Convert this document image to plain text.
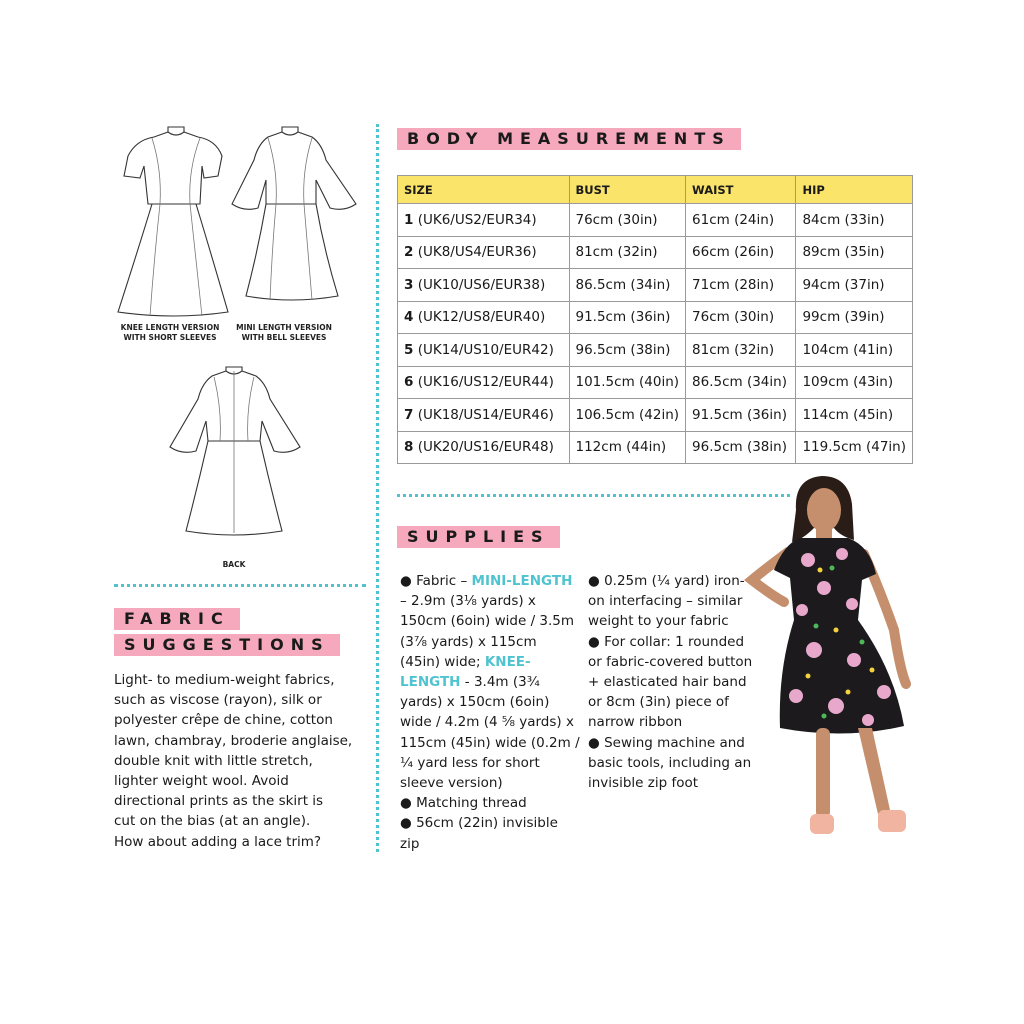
KNEE LENGTH VERSION
WITH SHORT SLEEVES
MINI LENGTH VERSION
WITH BELL SLEEVES
BACK
FABRIC
SUGGESTIONS
Light- to medium-weight fabrics,
such as viscose (rayon), silk or
polyester crêpe de chine, cotton
lawn, chambray, broderie anglaise,
double knit with little stretch,
lighter weight wool. Avoid
directional prints as the skirt is
cut on the bias (at an angle).
How about adding a lace trim?
BODY MEASUREMENTS
SIZE	BUST	WAIST	HIP
1 (UK6/US2/EUR34)	76cm (30in)	61cm (24in)	84cm (33in)
2 (UK8/US4/EUR36)	81cm (32in)	66cm (26in)	89cm (35in)
3 (UK10/US6/EUR38)	86.5cm (34in)	71cm (28in)	94cm (37in)
4 (UK12/US8/EUR40)	91.5cm (36in)	76cm (30in)	99cm (39in)
5 (UK14/US10/EUR42)	96.5cm (38in)	81cm (32in)	104cm (41in)
6 (UK16/US12/EUR44)	101.5cm (40in)	86.5cm (34in)	109cm (43in)
7 (UK18/US14/EUR46)	106.5cm (42in)	91.5cm (36in)	114cm (45in)
8 (UK20/US16/EUR48)	112cm (44in)	96.5cm (38in)	119.5cm (47in)
SUPPLIES
● Fabric – MINI-LENGTH – 2.9m (3⅛ yards) x 150cm (6oin) wide / 3.5m (3⅞ yards) x 115cm (45in) wide; KNEE-LENGTH - 3.4m (3¾ yards) x 150cm (6oin) wide / 4.2m (4 ⅝ yards) x 115cm (45in) wide (0.2m / ¼ yard less for short sleeve version)
● Matching thread
● 56cm (22in) invisible zip
● 0.25m (¼ yard) iron-on interfacing – similar weight to your fabric
● For collar: 1 rounded or fabric-covered button + elasticated hair band or 8cm (3in) piece of narrow ribbon
● Sewing machine and basic tools, including an invisible zip foot
